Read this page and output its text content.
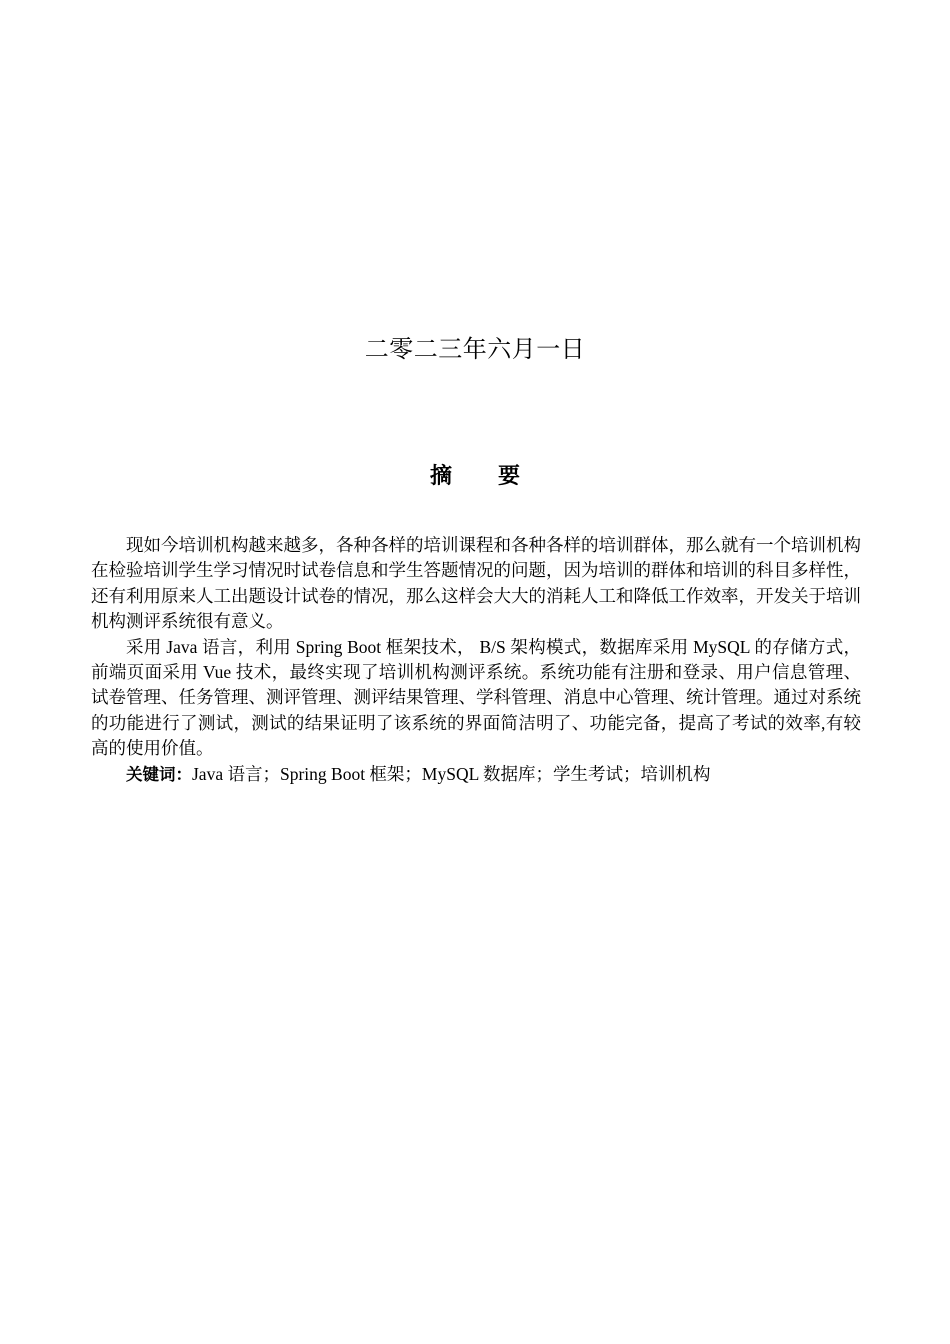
二零二三年六月一日
摘 要

现如今培训机构越来越多，各种各样的培训课程和各种各样的培训群体，那么就有一个培训机构在检验培训学生学习情况时试卷信息和学生答题情况的问题，因为培训的群体和培训的科目多样性，还有利用原来人工出题设计试卷的情况，那么这样会大大的消耗人工和降低工作效率，开发关于培训机构测评系统很有意义。

采用 Java 语言，利用 Spring Boot 框架技术， B/S 架构模式，数据库采用 MySQL 的存储方式，前端页面采用 Vue 技术，最终实现了培训机构测评系统。系统功能有注册和登录、用户信息管理、试卷管理、任务管理、测评管理、测评结果管理、学科管理、消息中心管理、统计管理。通过对系统的功能进行了测试，测试的结果证明了该系统的界面简洁明了、功能完备，提高了考试的效率,有较高的使用价值。

关键词：Java 语言；Spring Boot 框架；MySQL 数据库；学生考试；培训机构
